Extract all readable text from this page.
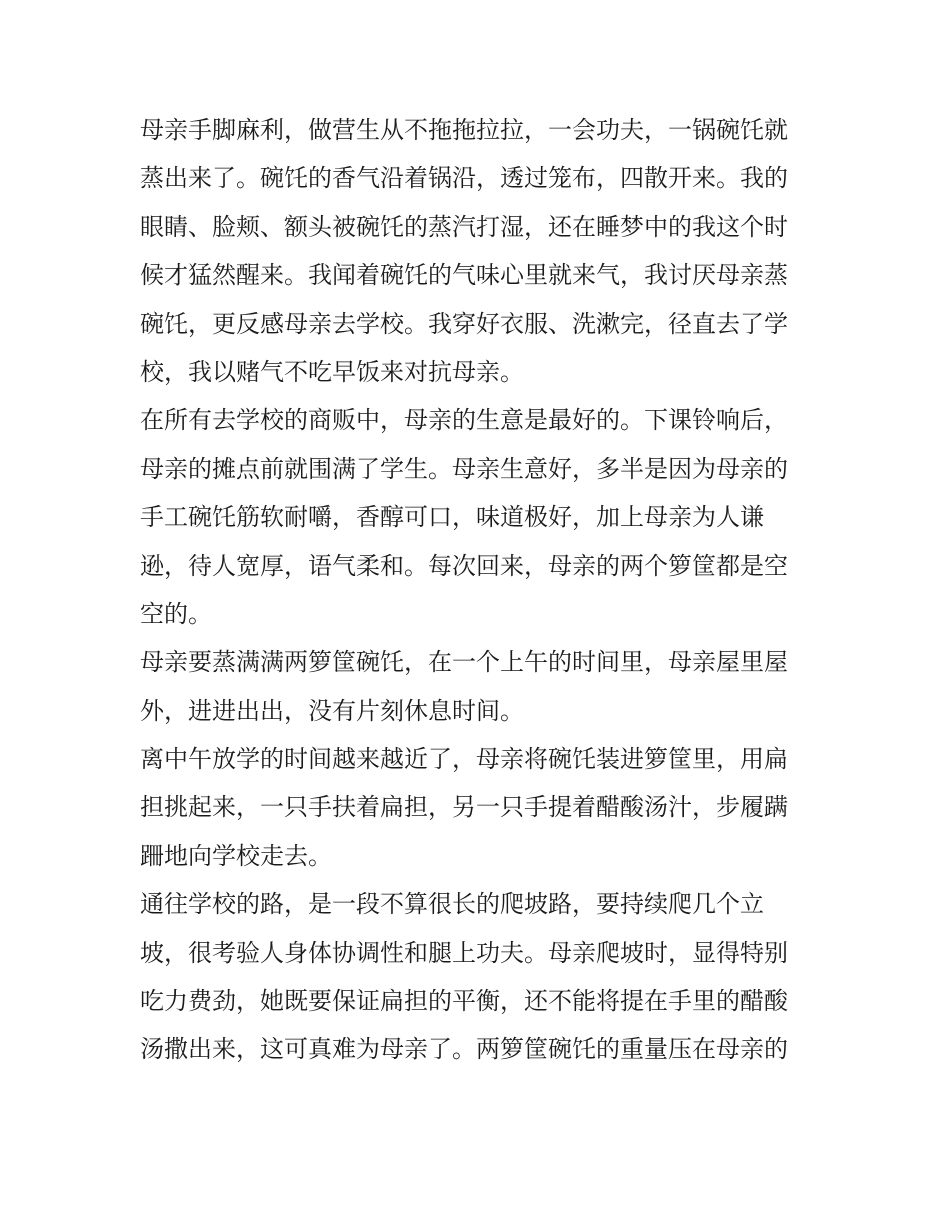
母亲手脚麻利，做营生从不拖拖拉拉，一会功夫，一锅碗饦就
蒸出来了。碗饦的香气沿着锅沿，透过笼布，四散开来。我的
眼睛、脸颊、额头被碗饦的蒸汽打湿，还在睡梦中的我这个时
候才猛然醒来。我闻着碗饦的气味心里就来气，我讨厌母亲蒸
碗饦，更反感母亲去学校。我穿好衣服、洗漱完，径直去了学
校，我以赌气不吃早饭来对抗母亲。
在所有去学校的商贩中，母亲的生意是最好的。下课铃响后，
母亲的摊点前就围满了学生。母亲生意好，多半是因为母亲的
手工碗饦筋软耐嚼，香醇可口，味道极好，加上母亲为人谦
逊，待人宽厚，语气柔和。每次回来，母亲的两个箩筐都是空
空的。
母亲要蒸满满两箩筐碗饦，在一个上午的时间里，母亲屋里屋
外，进进出出，没有片刻休息时间。
离中午放学的时间越来越近了，母亲将碗饦装进箩筐里，用扁
担挑起来，一只手扶着扁担，另一只手提着醋酸汤汁，步履蹒
跚地向学校走去。
通往学校的路，是一段不算很长的爬坡路，要持续爬几个立
坡，很考验人身体协调性和腿上功夫。母亲爬坡时，显得特别
吃力费劲，她既要保证扁担的平衡，还不能将提在手里的醋酸
汤撒出来，这可真难为母亲了。两箩筐碗饦的重量压在母亲的
